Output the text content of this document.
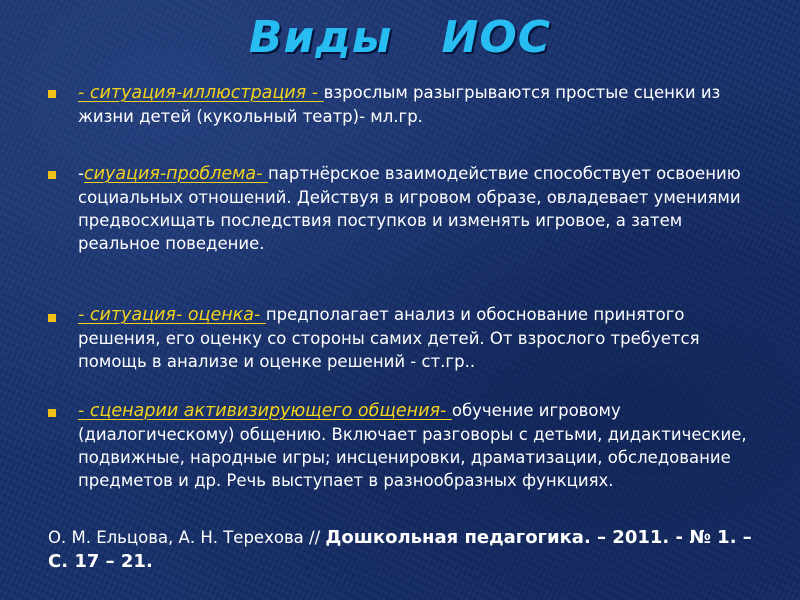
Виды   ИОС
- ситуация-иллюстрация - взрослым разыгрываются простые сценки из жизни детей (кукольный театр)- мл.гр.
-сиуация-проблема- партнёрское взаимодействие способствует освоению социальных отношений. Действуя в игровом образе, овладевает умениями предвосхищать последствия поступков и изменять игровое, а затем реальное поведение.
- ситуация- оценка- предполагает анализ и обоснование принятого решения, его оценку со стороны самих детей. От взрослого требуется помощь в анализе и оценке решений - ст.гр..
- сценарии активизирующего общения- обучение игровому (диалогическому) общению. Включает разговоры с детьми, дидактические, подвижные, народные игры; инсценировки, драматизации, обследование предметов и др. Речь выступает в разнообразных функциях.
О. М. Ельцова, А. Н. Терехова // Дошкольная педагогика. – 2011. - № 1. – С. 17 – 21.
